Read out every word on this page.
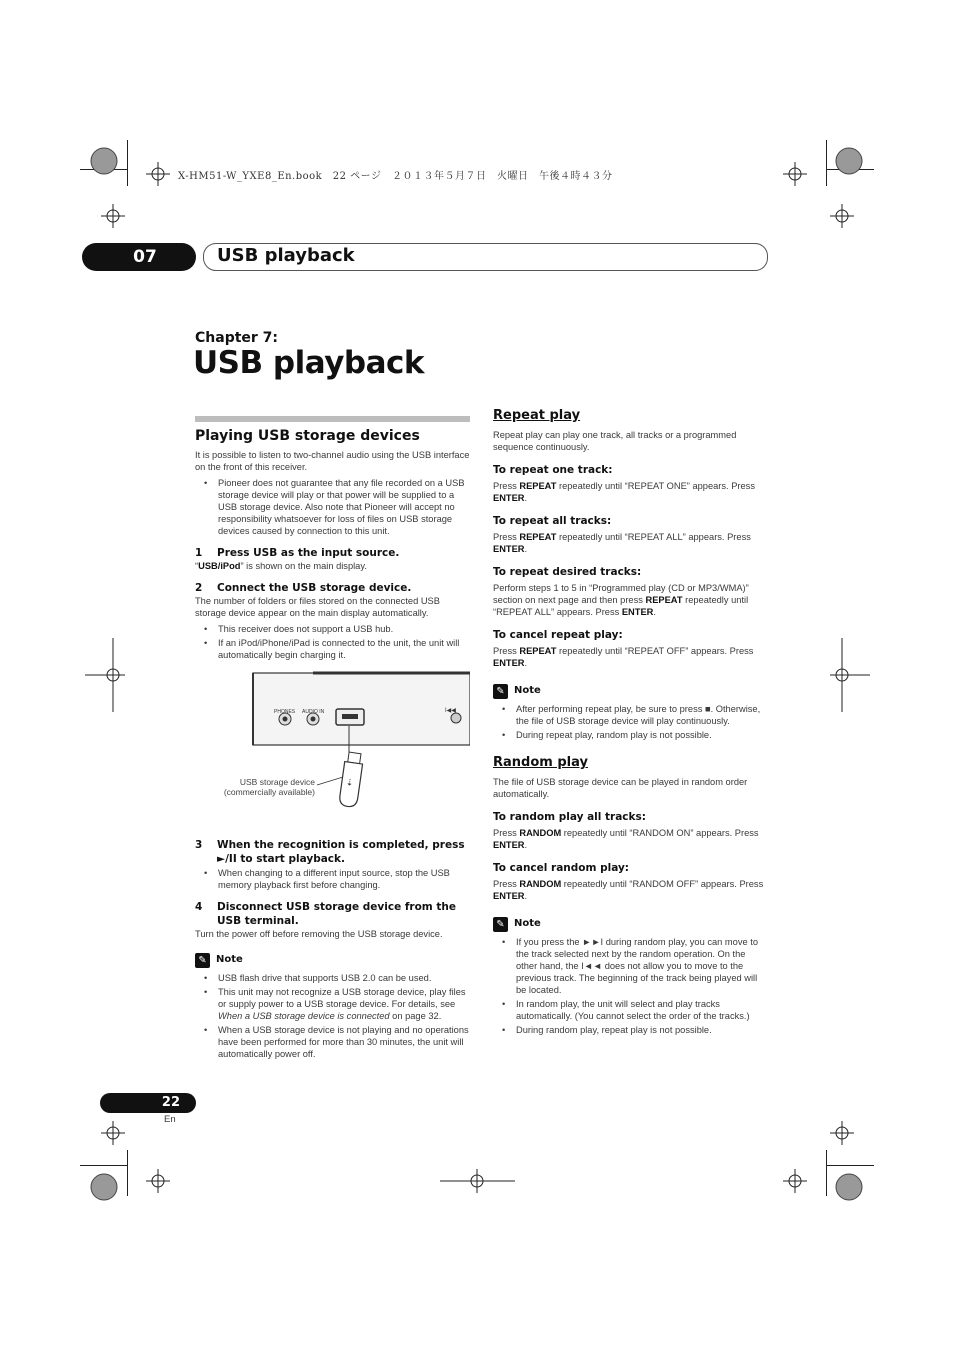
X-HM51-W_YXE8_En.book　22 ページ　２０１３年５月７日　火曜日　午後４時４３分
07	USB playback
Chapter 7:
USB playback
Playing USB storage devices

It is possible to listen to two-channel audio using the USB interface on the front of this receiver.

• Pioneer does not guarantee that any file recorded on a USB storage device will play or that power will be supplied to a USB storage device. Also note that Pioneer will accept no responsibility whatsoever for loss of files on USB storage devices caused by connection to this unit.
1 Press USB as the input source.

“USB/iPod” is shown on the main display.

2 Connect the USB storage device.

The number of folders or files stored on the connected USB storage device appear on the main display automatically.

• This receiver does not support a USB hub.
• If an iPod/iPhone/iPad is connected to the unit, the unit will automatically begin charging it.
⇣
PHONES AUDIO IN	I◀◀
USB storage device
(commercially available)
3	When the recognition is completed, press ►/II to start playback.
• When changing to a different input source, stop the USB memory playback first before changing.
4	Disconnect USB storage device from the USB terminal.

Turn the power off before removing the USB storage device.

✎ Note
• USB flash drive that supports USB 2.0 can be used.
• This unit may not recognize a USB storage device, play files or supply power to a USB storage device. For details, see When a USB storage device is connected on page 32.
• When a USB storage device is not playing and no operations have been performed for more than 30 minutes, the unit will automatically power off.
Repeat play

Repeat play can play one track, all tracks or a programmed sequence continuously.

To repeat one track:

Press REPEAT repeatedly until “REPEAT ONE” appears. Press ENTER.

To repeat all tracks:

Press REPEAT repeatedly until “REPEAT ALL” appears. Press ENTER.

To repeat desired tracks:

Perform steps 1 to 5 in “Programmed play (CD or MP3/WMA)” section on next page and then press REPEAT repeatedly until “REPEAT ALL” appears. Press ENTER.

To cancel repeat play:

Press REPEAT repeatedly until “REPEAT OFF” appears. Press ENTER.

✎ Note
• After performing repeat play, be sure to press ■. Otherwise, the file of USB storage device will play continuously.
• During repeat play, random play is not possible.
Random play

The file of USB storage device can be played in random order automatically.

To random play all tracks:

Press RANDOM repeatedly until “RANDOM ON” appears. Press ENTER.

To cancel random play:

Press RANDOM repeatedly until “RANDOM OFF” appears. Press ENTER.

✎ Note
• If you press the ►►I during random play, you can move to the track selected next by the random operation. On the other hand, the I◄◄ does not allow you to move to the previous track. The beginning of the track being played will be located.
• In random play, the unit will select and play tracks automatically. (You cannot select the order of the tracks.)
• During random play, repeat play is not possible.
22
En
